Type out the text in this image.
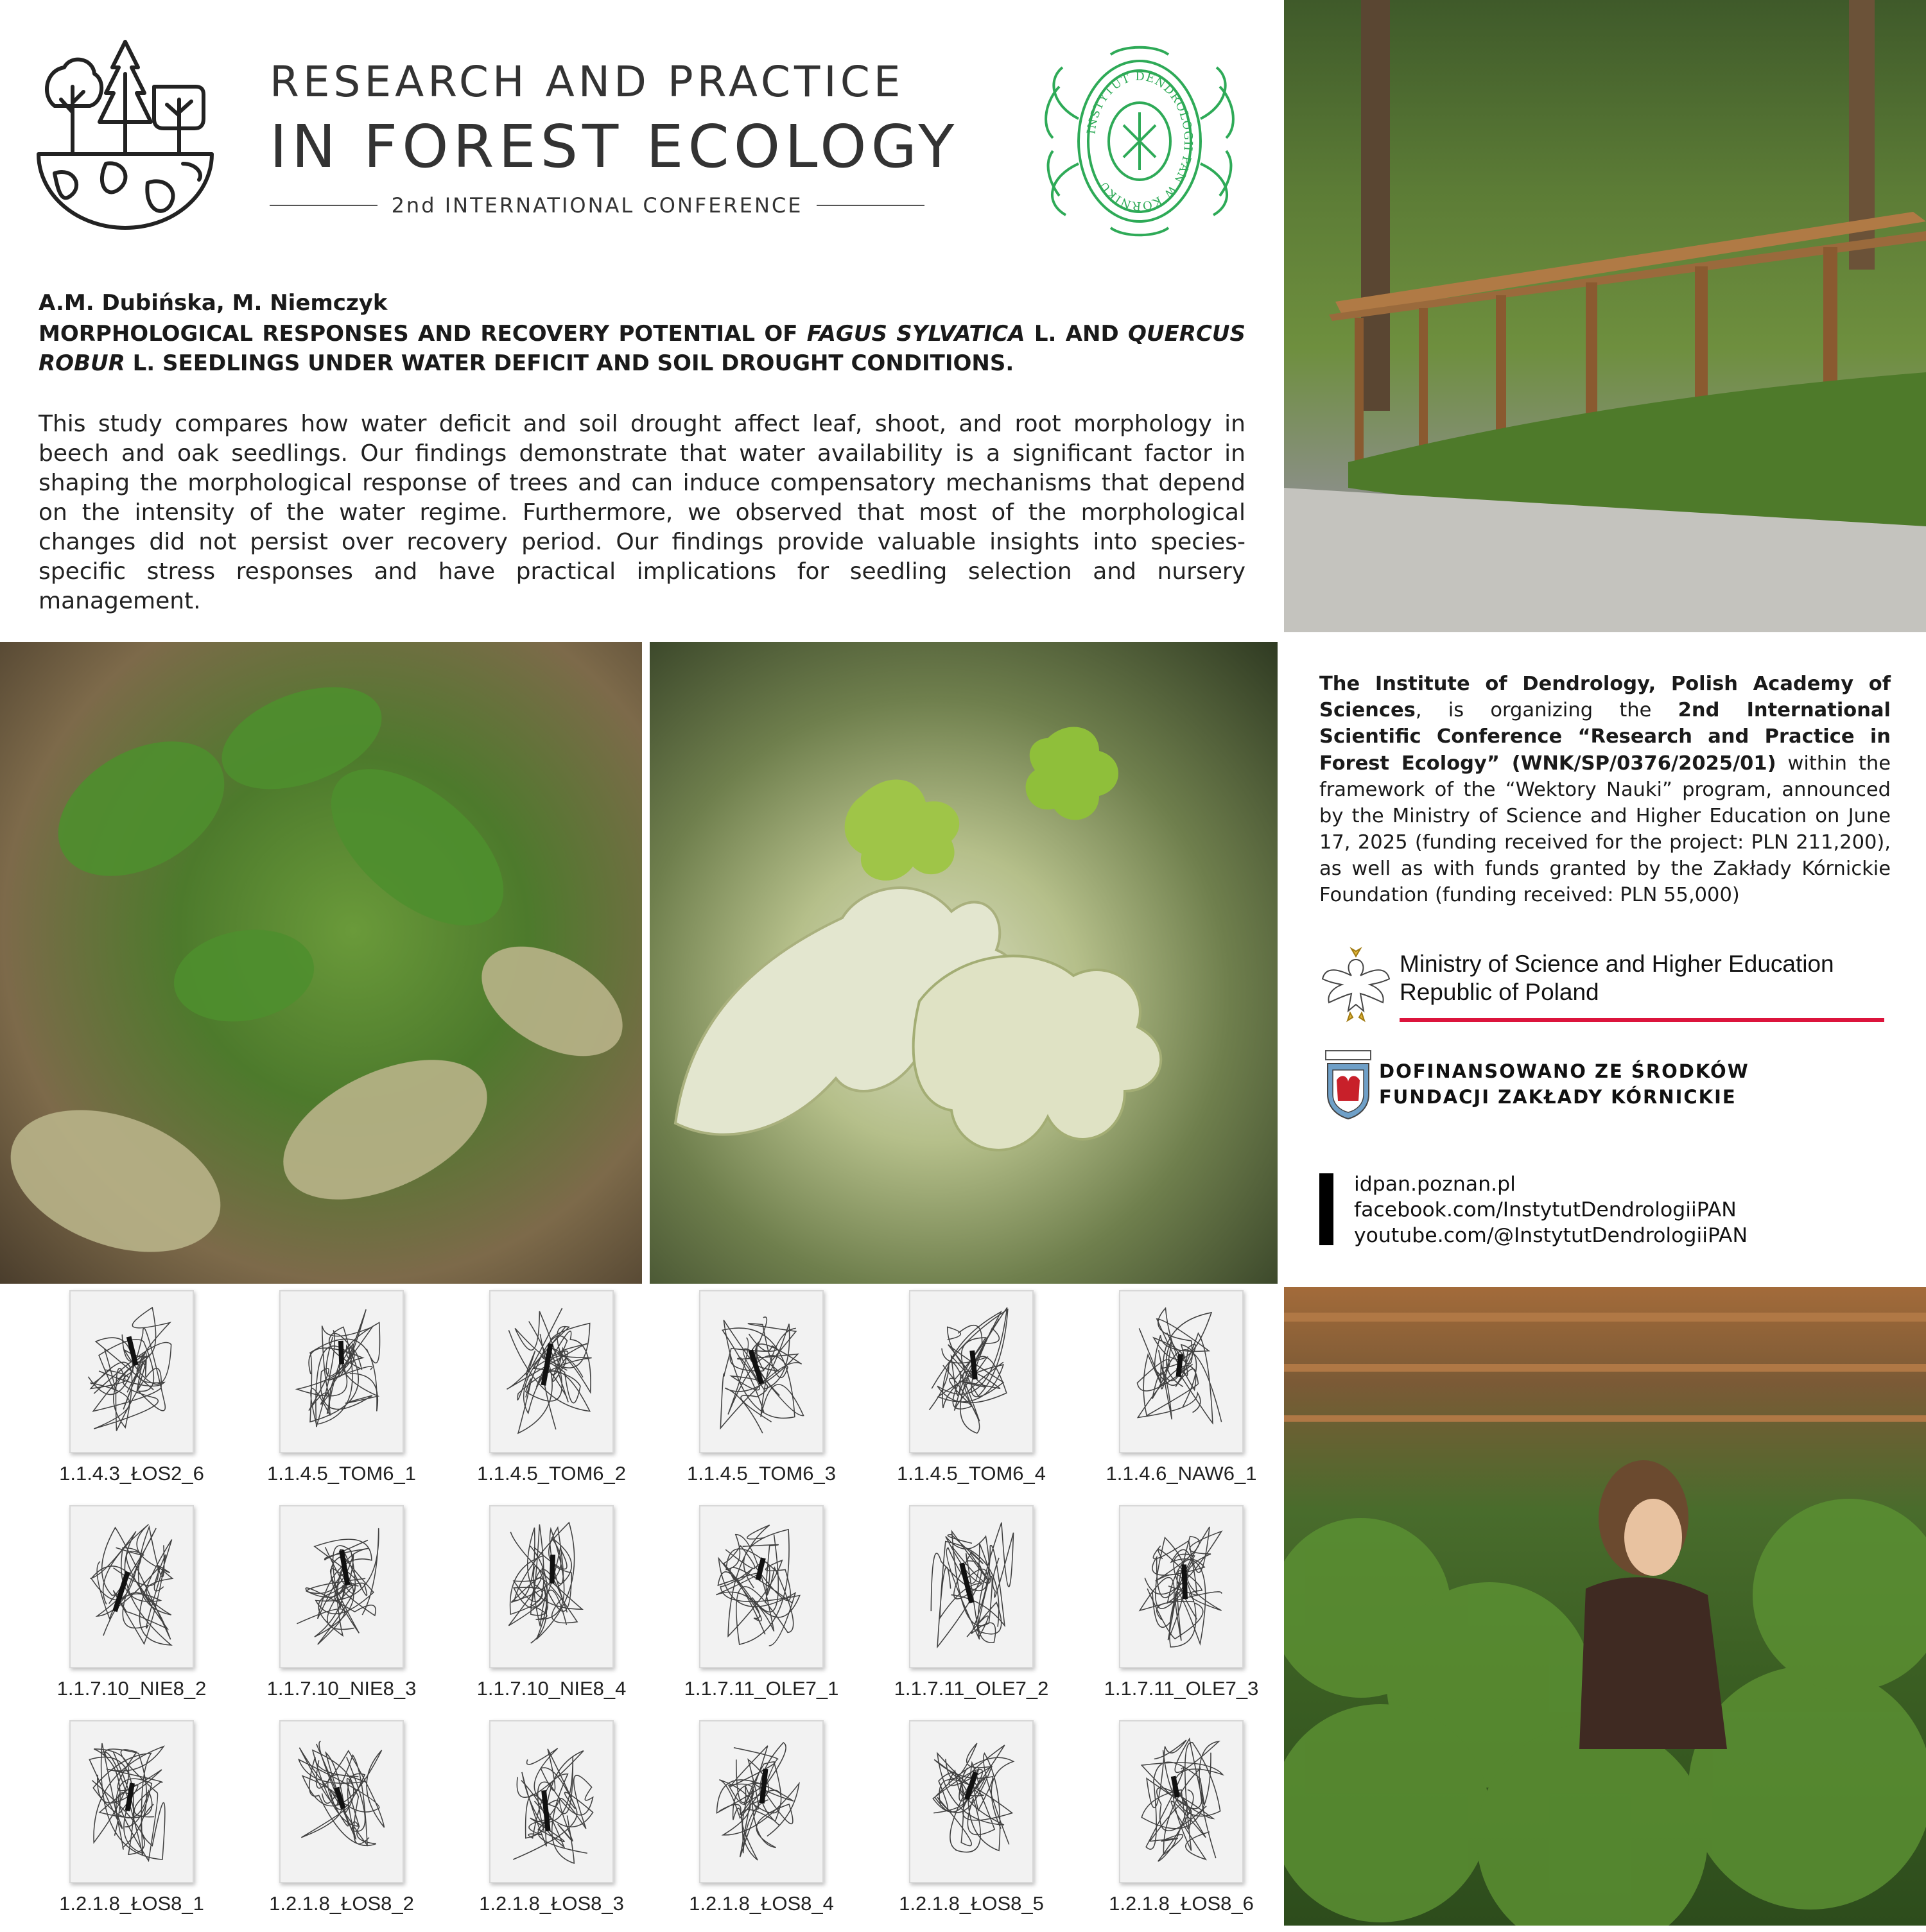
RESEARCH AND PRACTICE
IN FOREST ECOLOGY
2nd INTERNATIONAL CONFERENCE
INSTYTUT DENDROLOGII PAN W KÓRNIKU

A.M. Dubińska, M. Niemczyk

MORPHOLOGICAL RESPONSES AND RECOVERY POTENTIAL OF FAGUS SYLVATICA L. AND QUERCUS ROBUR L. SEEDLINGS UNDER WATER DEFICIT AND SOIL DROUGHT CONDITIONS.

This study compares how water deficit and soil drought affect leaf, shoot, and root morphology in beech and oak seedlings. Our findings demonstrate that water availability is a significant factor in shaping the morphological response of trees and can induce compensatory mechanisms that depend on the intensity of the water regime. Furthermore, we observed that most of the morphological changes did not persist over recovery period. Our findings provide valuable insights into species-specific stress responses and have practical implications for seedling selection and nursery management.

1.1.4.3_ŁOS2_6	1.1.4.5_TOM6_1	1.1.4.5_TOM6_2	1.1.4.5_TOM6_3	1.1.4.5_TOM6_4	1.1.4.6_NAW6_1
1.1.7.10_NIE8_2	1.1.7.10_NIE8_3	1.1.7.10_NIE8_4	1.1.7.11_OLE7_1	1.1.7.11_OLE7_2	1.1.7.11_OLE7_3
1.2.1.8_ŁOS8_1	1.2.1.8_ŁOS8_2	1.2.1.8_ŁOS8_3	1.2.1.8_ŁOS8_4	1.2.1.8_ŁOS8_5	1.2.1.8_ŁOS8_6

The Institute of Dendrology, Polish Academy of Sciences, is organizing the 2nd International Scientific Conference “Research and Practice in Forest Ecology” (WNK/SP/0376/2025/01) within the framework of the “Wektory Nauki” program, announced by the Ministry of Science and Higher Education on June 17, 2025 (funding received for the project: PLN 211,200), as well as with funds granted by the Zakłady Kórnickie Foundation (funding received: PLN 55,000)

Ministry of Science and Higher Education
Republic of Poland
DOFINANSOWANO ZE ŚRODKÓW
FUNDACJI ZAKŁADY KÓRNICKIE
idpan.poznan.pl
facebook.com/InstytutDendrologiiPAN
youtube.com/@InstytutDendrologiiPAN
